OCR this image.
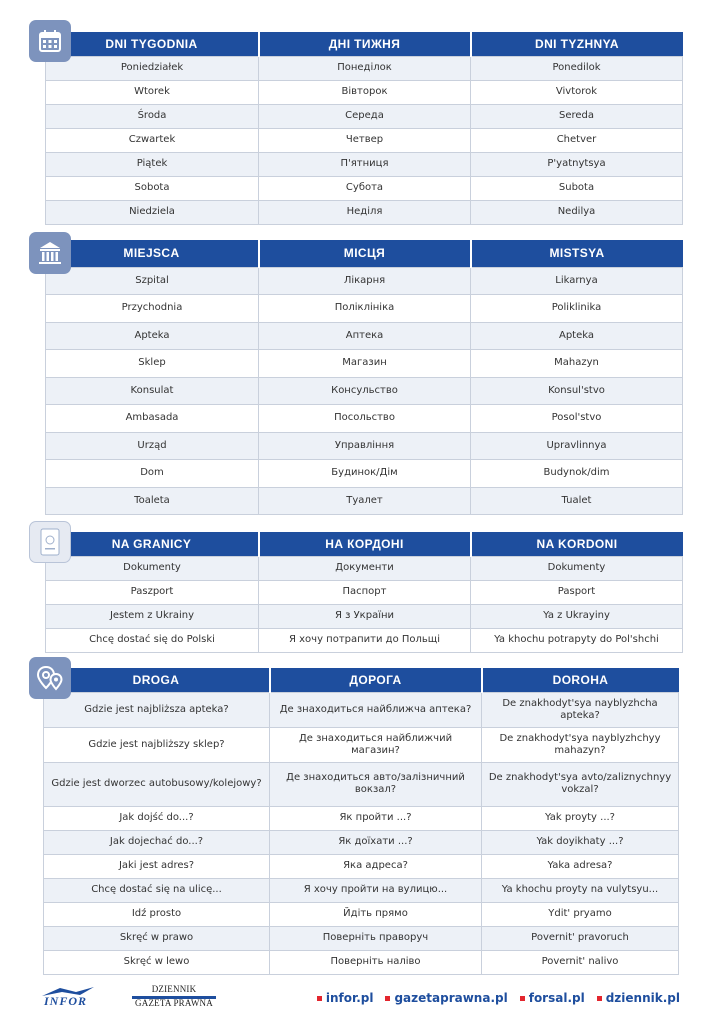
DNI TYGODNIA	ДНІ ТИЖНЯ	DNI TYZHNYA
Poniedziałek	Понеділок	Ponedilok
Wtorek	Вівторок	Vivtorok
Środa	Середа	Sereda
Czwartek	Четвер	Chetver
Piątek	П'ятниця	P'yatnytsya
Sobota	Субота	Subota
Niedziela	Неділя	Nedilya
MIEJSCA	МІСЦЯ	MISTSYA
Szpital	Лікарня	Likarnya
Przychodnia	Поліклініка	Poliklinika
Apteka	Аптека	Apteka
Sklep	Магазин	Mahazyn
Konsulat	Консульство	Konsul'stvo
Ambasada	Посольство	Posol'stvo
Urząd	Управління	Upravlinnya
Dom	Будинок/Дім	Budynok/dim
Toaleta	Туалет	Tualet
NA GRANICY	НА КОРДОНІ	NA KORDONI
Dokumenty	Документи	Dokumenty
Paszport	Паспорт	Pasport
Jestem z Ukrainy	Я з України	Ya z Ukrayiny
Chcę dostać się do Polski	Я хочу потрапити до Польщі	Ya khochu potrapyty do Pol'shchi
DROGA	ДОРОГА	DOROHA
Gdzie jest najbliższa apteka?	Де знаходиться найближча аптека?	De znakhodyt'sya nayblyzhcha apteka?
Gdzie jest najbliższy sklep?	Де знаходиться найближчий магазин?	De znakhodyt'sya nayblyzhchyy mahazyn?
Gdzie jest dworzec autobusowy/kolejowy?	Де знаходиться авто/залізничний вокзал?	De znakhodyt'sya avto/zaliznychnyy vokzal?
Jak dojść do...?	Як пройти ...?	Yak proyty ...?
Jak dojechać do...?	Як доїхати ...?	Yak doyikhaty ...?
Jaki jest adres?	Яка адреса?	Yaka adresa?
Chcę dostać się na ulicę...	Я хочу пройти на вулицю...	Ya khochu proyty na vulytsyu...
Idź prosto	Йдіть прямо	Ydit' pryamo
Skręć w prawo	Поверніть праворуч	Povernit' pravoruch
Skręć w lewo	Поверніть наліво	Povernit' nalivo
INFOR
DZIENNIK
GAZETA PRAWNA	infor.pl gazetaprawna.pl forsal.pl dziennik.pl
